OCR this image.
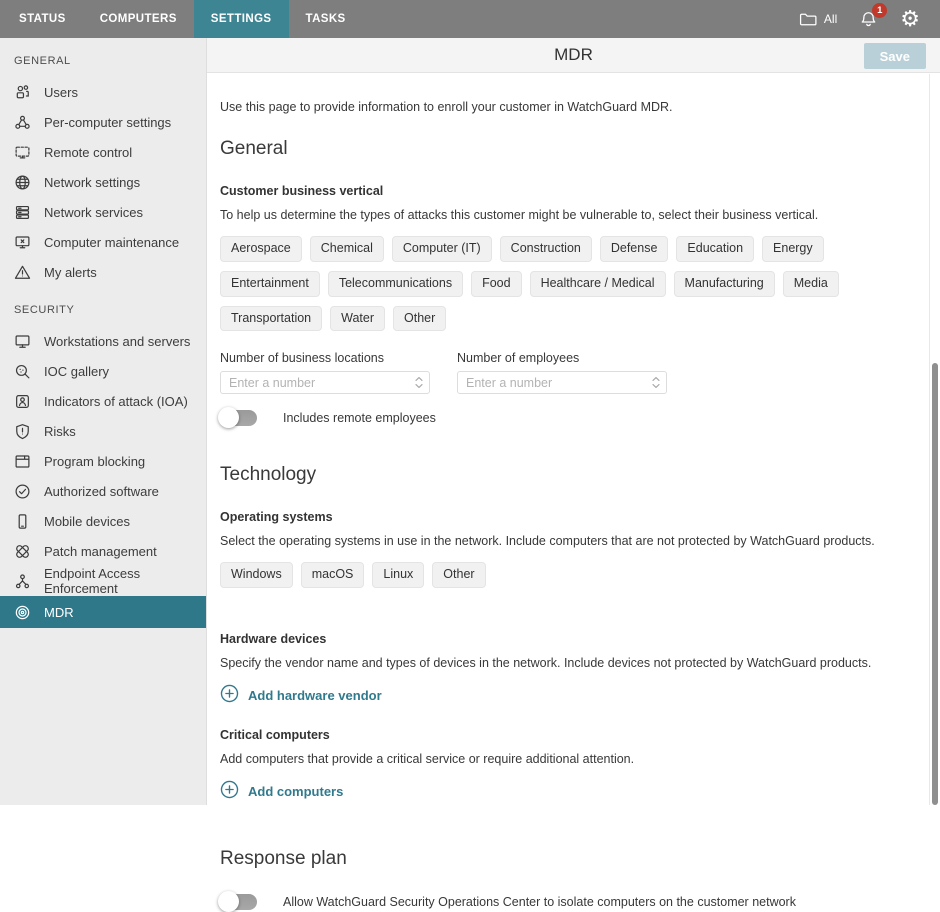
STATUS	COMPUTERS	SETTINGS	TASKS	All
1 ⚙
GENERAL
Users
Per-computer settings
Remote control
Network settings
Network services
Computer maintenance
My alerts
SECURITY
Workstations and servers
IOC gallery
Indicators of attack (IOA)
Risks
Program blocking
Authorized software
Mobile devices
Patch management
Endpoint Access Enforcement
MDR
MDR	Save

Use this page to provide information to enroll your customer in WatchGuard MDR.

General
Customer business vertical

To help us determine the types of attacks this customer might be vulnerable to, select their business vertical.

Aerospace	Chemical	Computer (IT)	Construction	Defense	Education	Energy
Entertainment	Telecommunications	Food	Healthcare / Medical	Manufacturing	Media
Transportation	Water	Other
Number of business locations
Enter a number	Number of employees
Enter a number
Includes remote employees
Technology
Operating systems

Select the operating systems in use in the network. Include computers that are not protected by WatchGuard products.

Windows	macOS	Linux	Other
Hardware devices

Specify the vendor name and types of devices in the network. Include devices not protected by WatchGuard products.

Add hardware vendor
Critical computers

Add computers that provide a critical service or require additional attention.

Add computers
Response plan
Allow WatchGuard Security Operations Center to isolate computers on the customer network
